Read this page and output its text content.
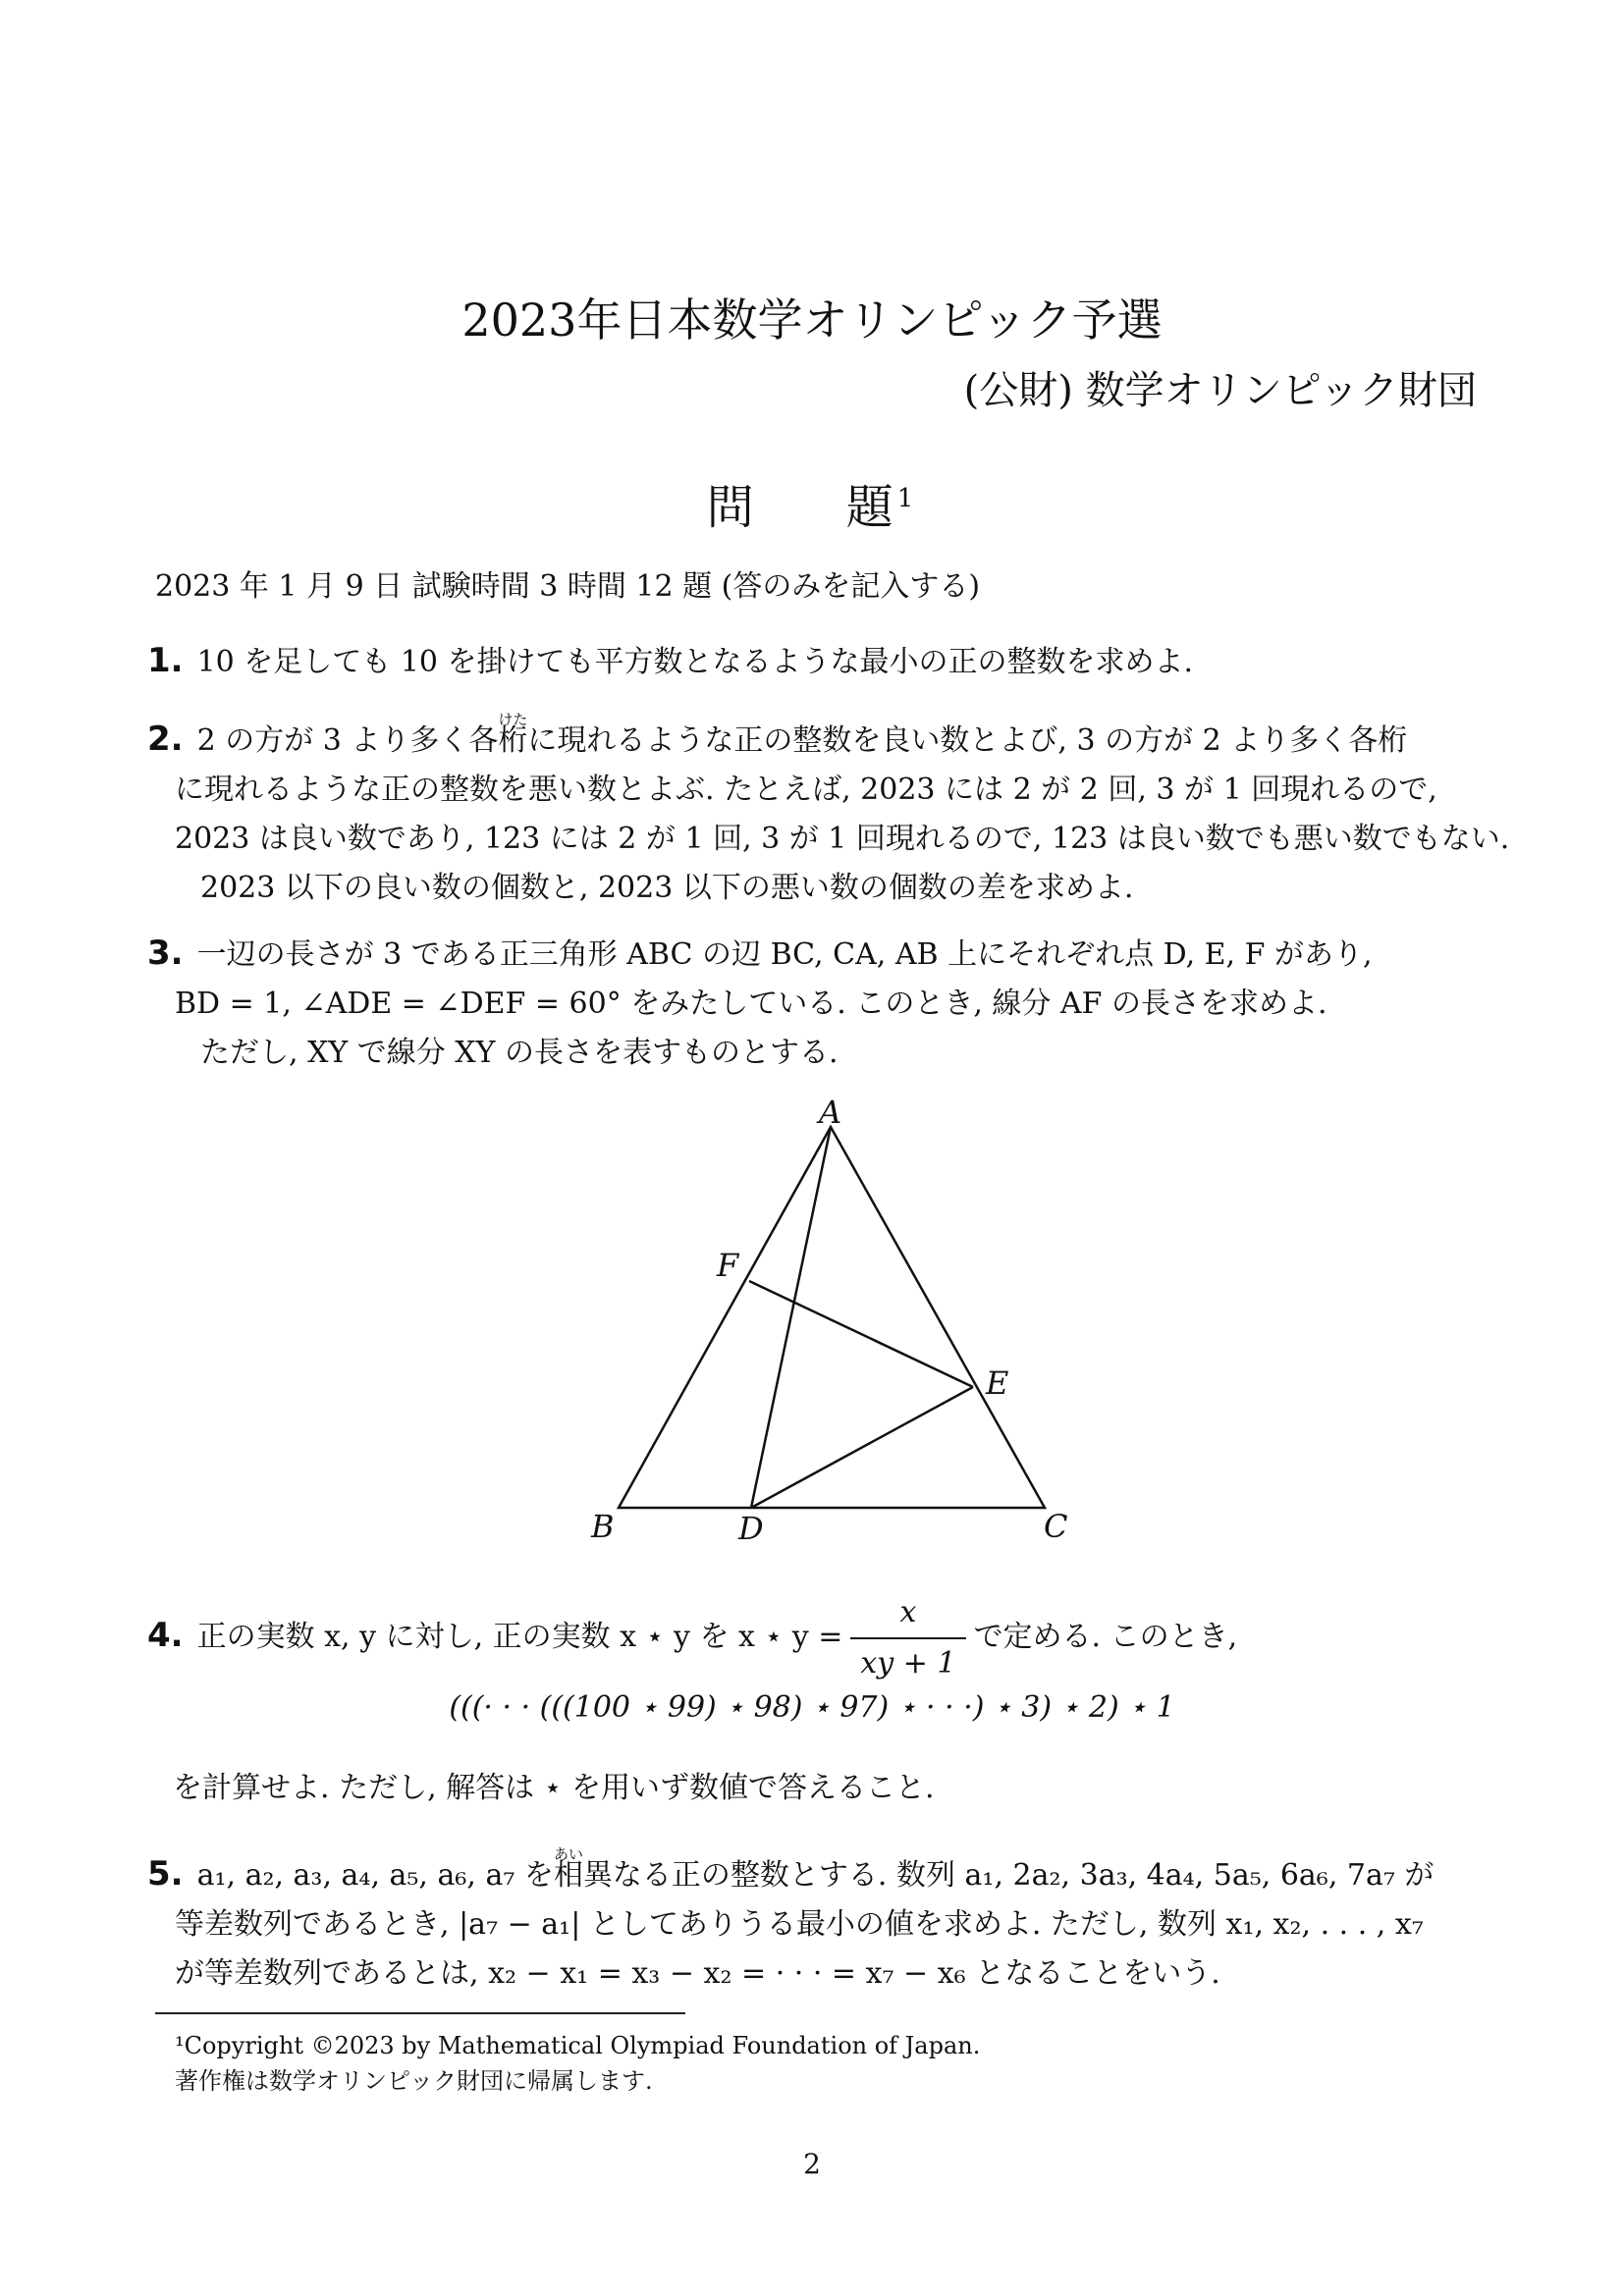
2023年日本数学オリンピック予選
(公財) 数学オリンピック財団
問 題$^1$
2023 年 1 月 9 日 試験時間 3 時間 12 題 (答のみを記入する)
1. 10 を足しても 10 を掛けても平方数となるような最小の正の整数を求めよ.
2. 2 の方が 3 より多く各
けた
桁に現れるような正の整数を良い数とよび, 3 の方が 2 より多く各桁
に現れるような正の整数を悪い数とよぶ. たとえば, 2023 には 2 が 2 回, 3 が 1 回現れるので,
2023 は良い数であり, 123 には 2 が 1 回, 3 が 1 回現れるので, 123 は良い数でも悪い数でもない.
2023 以下の良い数の個数と, 2023 以下の悪い数の個数の差を求めよ.
3. 一辺の長さが 3 である正三角形 ABC の辺 BC, CA, AB 上にそれぞれ点 D, E, F があり,
BD = 1, ∠ADE = ∠DEF = 60° をみたしている. このとき, 線分 AF の長さを求めよ.
ただし, XY で線分 XY の長さを表すものとする.
A
B	C
D
E
F
4. 正の実数 x, y に対し, 正の実数 x ⋆ y を x ⋆ $y = \frac{x}{xy + 1}$ で定める. このとき,
(((· · · (((100 ⋆ 99) ⋆ 98) ⋆ 97) ⋆ · · ·) ⋆ 3) ⋆ 2) ⋆ 1
を計算せよ. ただし, 解答は ⋆ を用いず数値で答えること.
5. a₁, a₂, a₃, a₄, a₅, a₆, a₇ を
あい
相異なる正の整数とする. 数列 a₁, 2a₂, 3a₃, 4a₄, 5a₅, 6a₆, 7a₇ が
等差数列であるとき, |a₇ − a₁| としてありうる最小の値を求めよ. ただし, 数列 x₁, x₂, . . . , x₇
が等差数列であるとは, x₂ − x₁ = x₃ − x₂ = · · · = x₇ − x₆ となることをいう.
¹Copyright ©2023 by Mathematical Olympiad Foundation of Japan.
著作権は数学オリンピック財団に帰属します.
2
